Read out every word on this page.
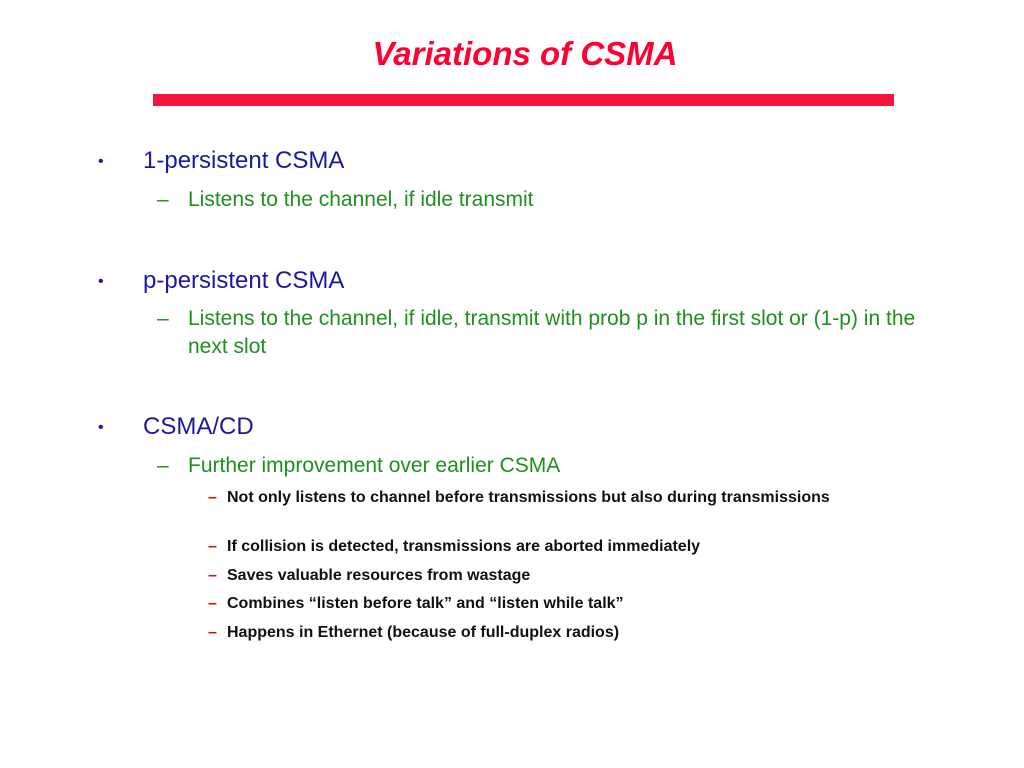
Variations of CSMA
• 1-persistent CSMA
– Listens to the channel, if idle transmit
• p-persistent CSMA
– Listens to the channel, if idle, transmit with prob p in the first slot or (1-p) in the next slot
• CSMA/CD
– Further improvement over earlier CSMA
– Not only listens to channel before transmissions but also during transmissions
– If collision is detected, transmissions are aborted immediately
– Saves valuable resources from wastage
– Combines “listen before talk” and “listen while talk”
– Happens in Ethernet (because of full-duplex radios)
